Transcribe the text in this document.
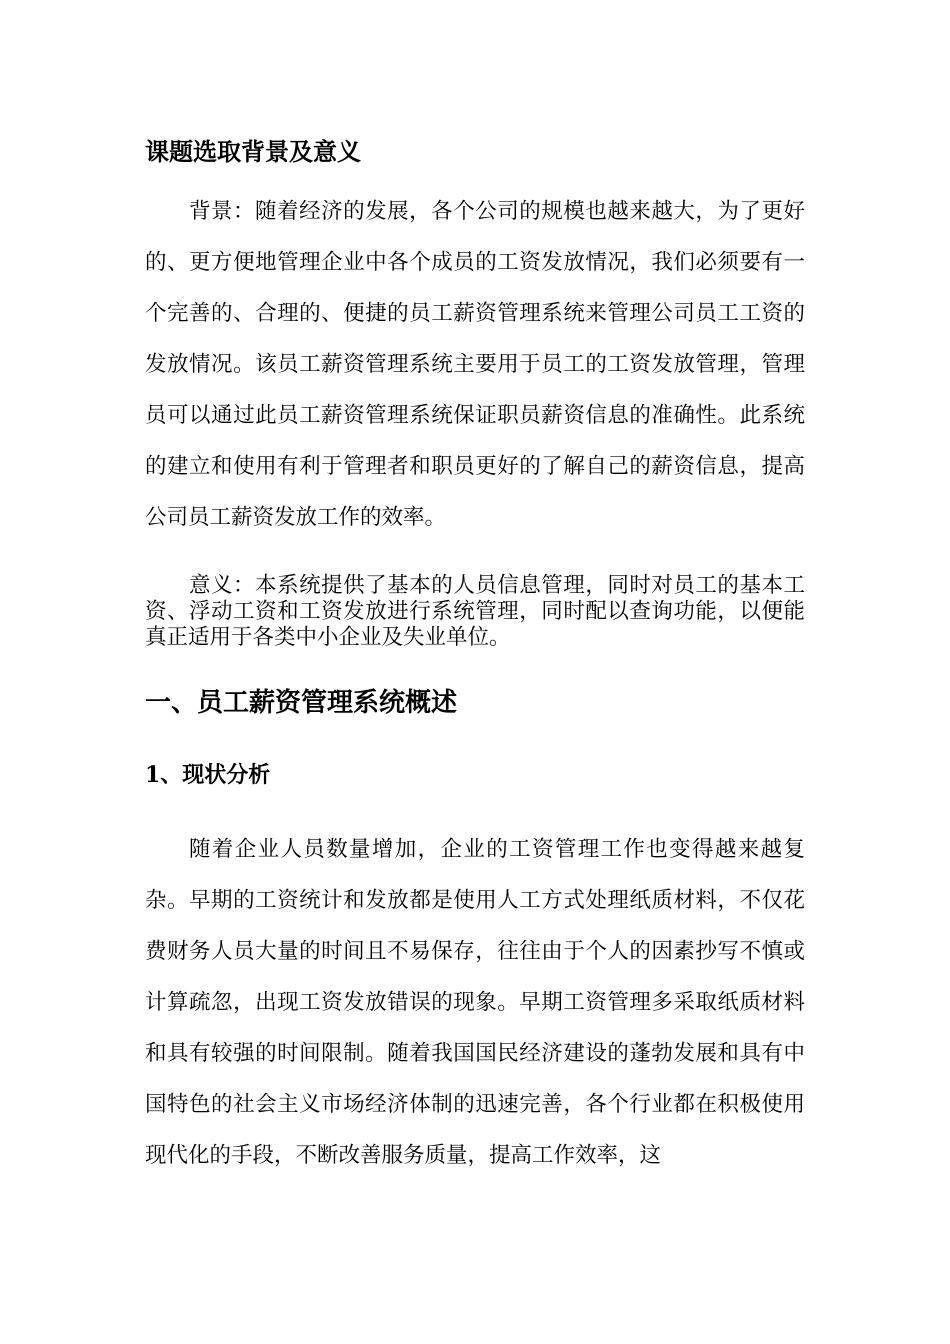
课题选取背景及意义

背景：随着经济的发展，各个公司的规模也越来越大，为了更好的、更方便地管理企业中各个成员的工资发放情况，我们必须要有一个完善的、合理的、便捷的员工薪资管理系统来管理公司员工工资的发放情况。该员工薪资管理系统主要用于员工的工资发放管理，管理员可以通过此员工薪资管理系统保证职员薪资信息的准确性。此系统的建立和使用有利于管理者和职员更好的了解自己的薪资信息，提高公司员工薪资发放工作的效率。

意义：本系统提供了基本的人员信息管理，同时对员工的基本工资、浮动工资和工资发放进行系统管理，同时配以查询功能，以便能真正适用于各类中小企业及失业单位。

一、员工薪资管理系统概述
1、现状分析

随着企业人员数量增加，企业的工资管理工作也变得越来越复杂。早期的工资统计和发放都是使用人工方式处理纸质材料，不仅花费财务人员大量的时间且不易保存，往往由于个人的因素抄写不慎或计算疏忽，出现工资发放错误的现象。早期工资管理多采取纸质材料和具有较强的时间限制。随着我国国民经济建设的蓬勃发展和具有中国特色的社会主义市场经济体制的迅速完善，各个行业都在积极使用现代化的手段，不断改善服务质量，提高工作效率，这
